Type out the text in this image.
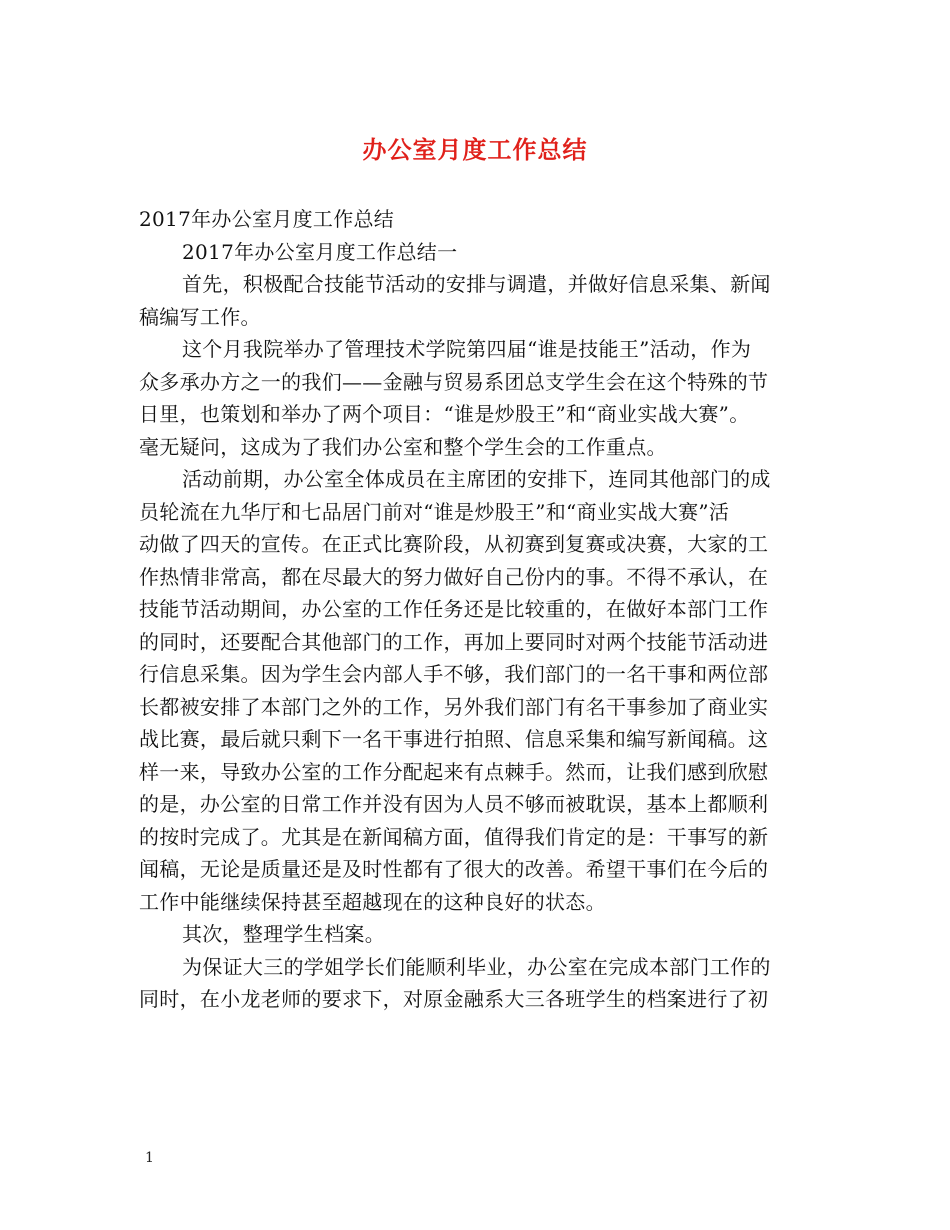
办公室月度工作总结
2017年办公室月度工作总结
2017年办公室月度工作总结一
首先，积极配合技能节活动的安排与调遣，并做好信息采集、新闻
稿编写工作。
这个月我院举办了管理技术学院第四届“谁是技能王”活动，作为
众多承办方之一的我们——金融与贸易系团总支学生会在这个特殊的节
日里，也策划和举办了两个项目：“谁是炒股王”和“商业实战大赛”。
毫无疑问，这成为了我们办公室和整个学生会的工作重点。
活动前期，办公室全体成员在主席团的安排下，连同其他部门的成
员轮流在九华厅和七品居门前对“谁是炒股王”和“商业实战大赛”活
动做了四天的宣传。在正式比赛阶段，从初赛到复赛或决赛，大家的工
作热情非常高，都在尽最大的努力做好自己份内的事。不得不承认，在
技能节活动期间，办公室的工作任务还是比较重的，在做好本部门工作
的同时，还要配合其他部门的工作，再加上要同时对两个技能节活动进
行信息采集。因为学生会内部人手不够，我们部门的一名干事和两位部
长都被安排了本部门之外的工作，另外我们部门有名干事参加了商业实
战比赛，最后就只剩下一名干事进行拍照、信息采集和编写新闻稿。这
样一来，导致办公室的工作分配起来有点棘手。然而，让我们感到欣慰
的是，办公室的日常工作并没有因为人员不够而被耽误，基本上都顺利
的按时完成了。尤其是在新闻稿方面，值得我们肯定的是：干事写的新
闻稿，无论是质量还是及时性都有了很大的改善。希望干事们在今后的
工作中能继续保持甚至超越现在的这种良好的状态。
其次，整理学生档案。
为保证大三的学姐学长们能顺利毕业，办公室在完成本部门工作的
同时，在小龙老师的要求下，对原金融系大三各班学生的档案进行了初
1
